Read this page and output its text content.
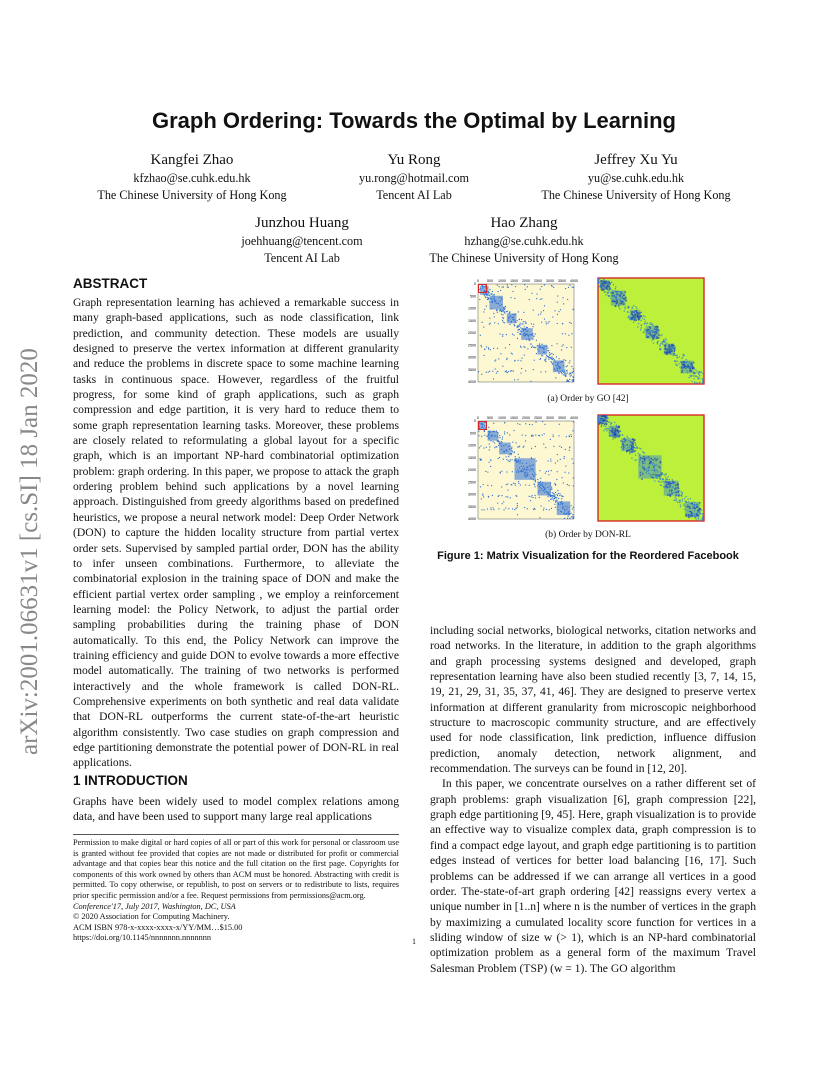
arXiv:2001.06631v1 [cs.SI] 18 Jan 2020
Graph Ordering: Towards the Optimal by Learning
Kangfei Zhao
kfzhao@se.cuhk.edu.hk
The Chinese University of Hong Kong
Yu Rong
yu.rong@hotmail.com
Tencent AI Lab
Jeffrey Xu Yu
yu@se.cuhk.edu.hk
The Chinese University of Hong Kong
Junzhou Huang
joehhuang@tencent.com
Tencent AI Lab
Hao Zhang
hzhang@se.cuhk.edu.hk
The Chinese University of Hong Kong
ABSTRACT

Graph representation learning has achieved a remarkable success in many graph-based applications, such as node classification, link prediction, and community detection. These models are usually designed to preserve the vertex information at different granularity and reduce the problems in discrete space to some machine learning tasks in continuous space. However, regardless of the fruitful progress, for some kind of graph applications, such as graph compression and edge partition, it is very hard to reduce them to some graph representation learning tasks. Moreover, these problems are closely related to reformulating a global layout for a specific graph, which is an important NP-hard combinatorial optimization problem: graph ordering. In this paper, we propose to attack the graph ordering problem behind such applications by a novel learning approach. Distinguished from greedy algorithms based on predefined heuristics, we propose a neural network model: Deep Order Network (DON) to capture the hidden locality structure from partial vertex order sets. Supervised by sampled partial order, DON has the ability to infer unseen combinations. Furthermore, to alleviate the combinatorial explosion in the training space of DON and make the efficient partial vertex order sampling , we employ a reinforcement learning model: the Policy Network, to adjust the partial order sampling probabilities during the training phase of DON automatically. To this end, the Policy Network can improve the training efficiency and guide DON to evolve towards a more effective model automatically. The training of two networks is performed interactively and the whole framework is called DON-RL. Comprehensive experiments on both synthetic and real data validate that DON-RL outperforms the current state-of-the-art heuristic algorithm consistently. Two case studies on graph compression and edge partitioning demonstrate the potential power of DON-RL in real applications.

1 INTRODUCTION

Graphs have been widely used to model complex relations among data, and have been used to support many large real applications

Permission to make digital or hard copies of all or part of this work for personal or classroom use is granted without fee provided that copies are not made or distributed for profit or commercial advantage and that copies bear this notice and the full citation on the first page. Copyrights for components of this work owned by others than ACM must be honored. Abstracting with credit is permitted. To copy otherwise, or republish, to post on servers or to redistribute to lists, requires prior specific permission and/or a fee. Request permissions from permissions@acm.org.

Conference'17, July 2017, Washington, DC, USA

© 2020 Association for Computing Machinery.

ACM ISBN 978-x-xxxx-xxxx-x/YY/MM…$15.00

https://doi.org/10.1145/nnnnnnn.nnnnnnn

0 500 1000 1500 2000 2500 3000 3500 4000
0
500
1000
1500
2000
2500
3000
3500
4000
(a) Order by GO [42]
0 500 1000 1500 2000 2500 3000 3500 4000
0
500
1000
1500
2000
2500
3000
3500
4000
(b) Order by DON-RL
Figure 1: Matrix Visualization for the Reordered Facebook

including social networks, biological networks, citation networks and road networks. In the literature, in addition to the graph algorithms and graph processing systems designed and developed, graph representation learning have also been studied recently [3, 7, 14, 15, 19, 21, 29, 31, 35, 37, 41, 46]. They are designed to preserve vertex information at different granularity from microscopic neighborhood structure to macroscopic community structure, and are effectively used for node classification, link prediction, influence diffusion prediction, anomaly detection, network alignment, and recommendation. The surveys can be found in [12, 20].

In this paper, we concentrate ourselves on a rather different set of graph problems: graph visualization [6], graph compression [22], graph edge partitioning [9, 45]. Here, graph visualization is to provide an effective way to visualize complex data, graph compression is to find a compact edge layout, and graph edge partitioning is to partition edges instead of vertices for better load balancing [16, 17]. Such problems can be addressed if we can arrange all vertices in a good order. The-state-of-art graph ordering [42] reassigns every vertex a unique number in [1..n] where n is the number of vertices in the graph by maximizing a cumulated locality score function for vertices in a sliding window of size w (> 1), which is an NP-hard combinatorial optimization problem as a general form of the maximum Travel Salesman Problem (TSP) (w = 1). The GO algorithm

1
